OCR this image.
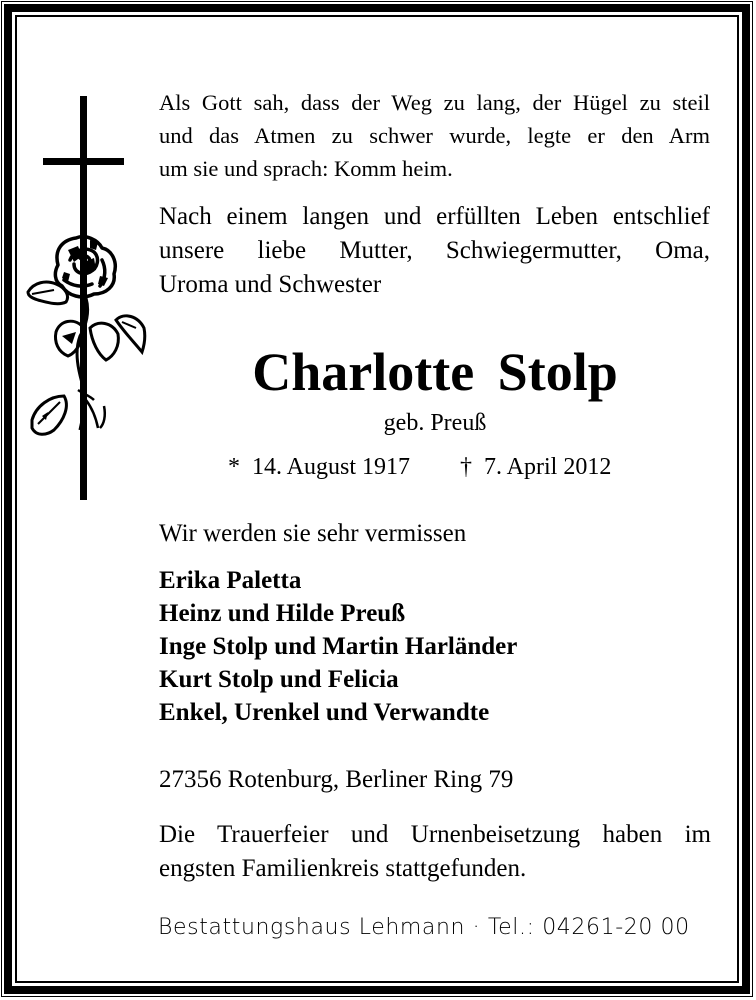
Als Gott sah, dass der Weg zu lang, der Hügel zu steil

und das Atmen zu schwer wurde, legte er den Arm

um sie und sprach: Komm heim.

Nach einem langen und erfüllten Leben entschlief

unsere liebe Mutter, Schwiegermutter, Oma,

Uroma und Schwester

Charlotte Stolp
geb. Preuß
*  14. August 1917 †  7. April 2012
Wir werden sie sehr vermissen
Erika Paletta
Heinz und Hilde Preuß
Inge Stolp und Martin Harländer
Kurt Stolp und Felicia
Enkel, Urenkel und Verwandte
27356 Rotenburg, Berliner Ring 79
Die Trauerfeier und Urnenbeisetzung haben im
engsten Familienkreis stattgefunden.
Bestattungshaus Lehmann · Tel.: 04261-20 00
